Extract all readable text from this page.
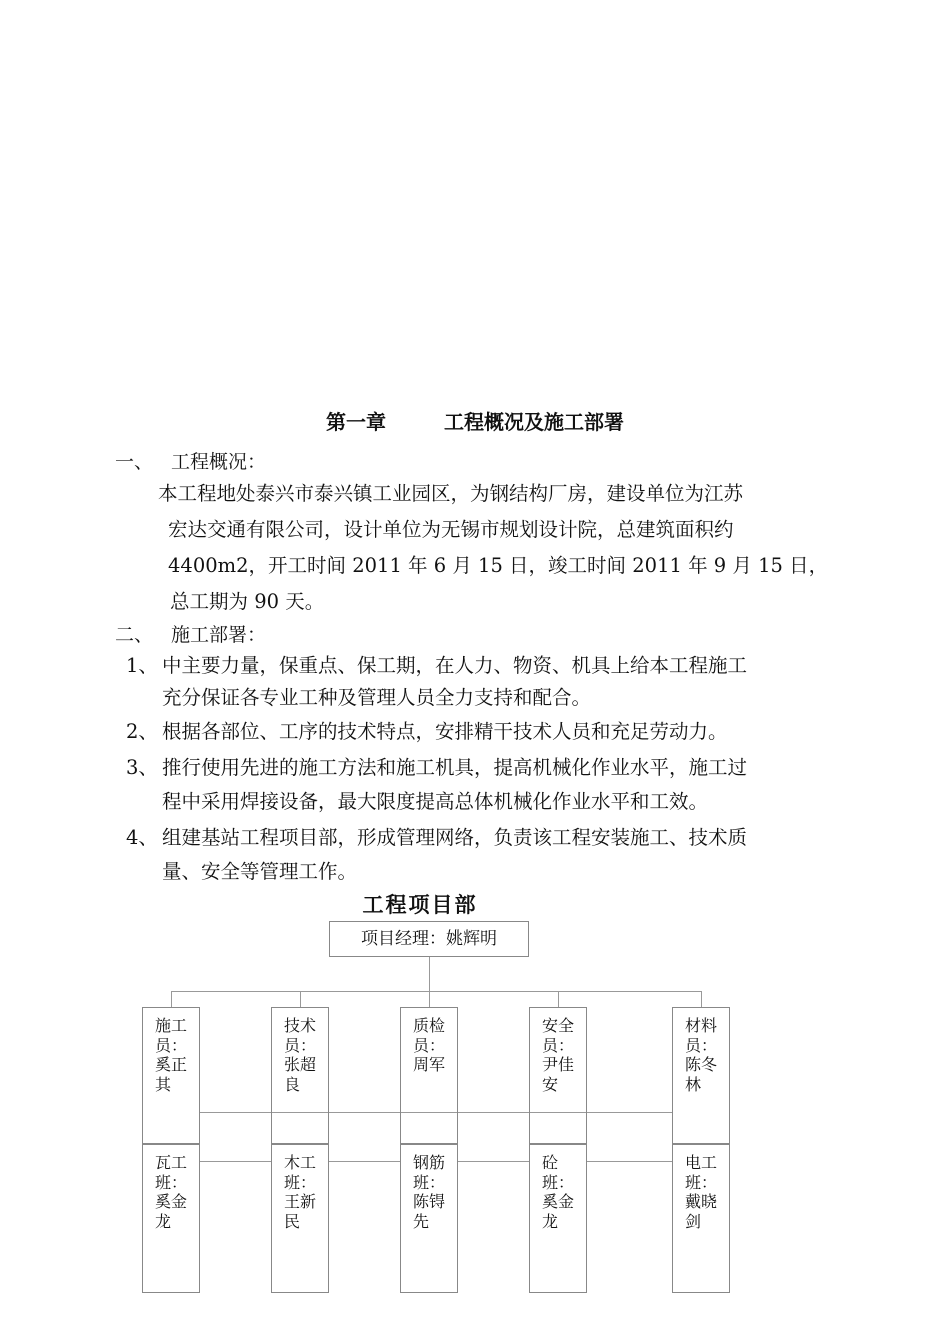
第一章	工程概况及施工部署
一、 工程概况：
本工程地处泰兴市泰兴镇工业园区，为钢结构厂房，建设单位为江苏
宏达交通有限公司，设计单位为无锡市规划设计院，总建筑面积约
4400m2，开工时间 2011 年 6 月 15 日，竣工时间 2011 年 9 月 15 日，
总工期为 90 天。
二、 施工部署：
1、 中主要力量，保重点、保工期，在人力、物资、机具上给本工程施工
充分保证各专业工种及管理人员全力支持和配合。
2、 根据各部位、工序的技术特点，安排精干技术人员和充足劳动力。
3、 推行使用先进的施工方法和施工机具，提高机械化作业水平，施工过
程中采用焊接设备，最大限度提高总体机械化作业水平和工效。
4、 组建基站工程项目部，形成管理网络，负责该工程安装施工、技术质
量、安全等管理工作。
工程项目部
项目经理：姚辉明
施工员：奚正其
技术员：张超良
质检员：周军
安全员：尹佳安
材料员：陈冬林
瓦工班：奚金龙
木工班：王新民
钢筋班：陈锝先
砼班：奚金龙
电工班：戴晓剑
